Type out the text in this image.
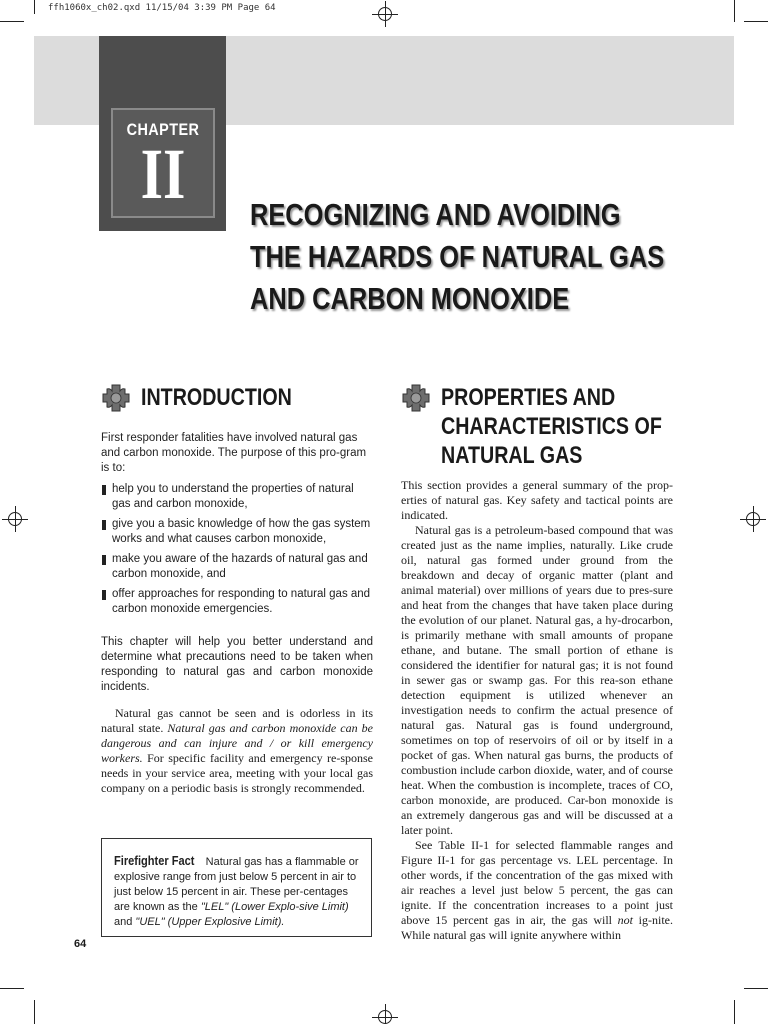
ffh1060x_ch02.qxd 11/15/04 3:39 PM Page 64
CHAPTER
II
RECOGNIZING AND AVOIDING
THE HAZARDS OF NATURAL GAS
AND CARBON MONOXIDE
INTRODUCTION

First responder fatalities have involved natural gas and carbon monoxide. The purpose of this pro-gram is to:

help you to understand the properties of natural gas and carbon monoxide,
give you a basic knowledge of how the gas system works and what causes carbon monoxide,
make you aware of the hazards of natural gas and carbon monoxide, and
offer approaches for responding to natural gas and carbon monoxide emergencies.

This chapter will help you better understand and determine what precautions need to be taken when responding to natural gas and carbon monoxide incidents.

Natural gas cannot be seen and is odorless in its natural state. Natural gas and carbon monoxide can be dangerous and can injure and / or kill emergency workers. For specific facility and emergency re-sponse needs in your service area, meeting with your local gas company on a periodic basis is strongly recommended.

Firefighter Fact Natural gas has a flammable or explosive range from just below 5 percent in air to just below 15 percent in air. These per-centages are known as the "LEL" (Lower Explo-sive Limit) and "UEL" (Upper Explosive Limit).

64
PROPERTIES AND
CHARACTERISTICS OF
NATURAL GAS

This section provides a general summary of the prop-erties of natural gas. Key safety and tactical points are indicated.

Natural gas is a petroleum-based compound that was created just as the name implies, naturally. Like crude oil, natural gas formed under ground from the breakdown and decay of organic matter (plant and animal material) over millions of years due to pres-sure and heat from the changes that have taken place during the evolution of our planet. Natural gas, a hy-drocarbon, is primarily methane with small amounts of propane ethane, and butane. The small portion of ethane is considered the identifier for natural gas; it is not found in sewer gas or swamp gas. For this rea-son ethane detection equipment is utilized whenever an investigation needs to confirm the actual presence of natural gas. Natural gas is found underground, sometimes on top of reservoirs of oil or by itself in a pocket of gas. When natural gas burns, the products of combustion include carbon dioxide, water, and of course heat. When the combustion is incomplete, traces of CO, carbon monoxide, are produced. Car-bon monoxide is an extremely dangerous gas and will be discussed at a later point.

See Table II-1 for selected flammable ranges and Figure II-1 for gas percentage vs. LEL percentage. In other words, if the concentration of the gas mixed with air reaches a level just below 5 percent, the gas can ignite. If the concentration increases to a point just above 15 percent gas in air, the gas will not ig-nite. While natural gas will ignite anywhere within
